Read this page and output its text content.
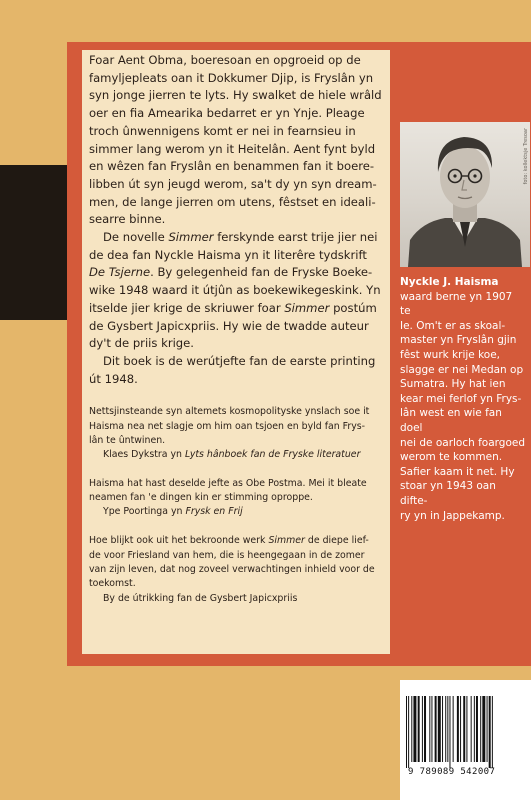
Foar Aent Obma, boeresoan en opgroeid op de
famyljepleats oan it Dokkumer Djip, is Fryslân yn
syn jonge jierren te lyts. Hy swalket de hiele wrâld
oer en fia Amearika bedarret er yn Ynje. Pleage
troch ûnwennigens komt er nei in fearnsieu in
simmer lang werom yn it Heitelân. Aent fynt byld
en wêzen fan Fryslân en benammen fan it boere-
libben út syn jeugd werom, sa't dy yn syn dream-
men, de lange jierren om utens, fêstset en ideali-
searre binne.

De novelle Simmer ferskynde earst trije jier nei
de dea fan Nyckle Haisma yn it literêre tydskrift
De Tsjerne. By gelegenheid fan de Fryske Boeke-
wike 1948 waard it útjûn as boekewikegeskink. Yn
itselde jier krige de skriuwer foar Simmer postúm
de Gysbert Japicxpriis. Hy wie de twadde auteur
dy't de priis krige.

Dit boek is de werútjefte fan de earste printing
út 1948.

Nettsjinsteande syn altemets kosmopolityske ynslach soe it
Haisma nea net slagje om him oan tsjoen en byld fan Frys-
lân te ûntwinen.

Klaes Dykstra yn Lyts hânboek fan de Fryske literatuer

Haisma hat hast deselde jefte as Obe Postma. Mei it bleate
neamen fan 'e dingen kin er stimming oproppe.

Ype Poortinga yn Frysk en Frij

Hoe blijkt ook uit het bekroonde werk Simmer de diepe lief-
de voor Friesland van hem, die is heengegaan in de zomer
van zijn leven, dat nog zoveel verwachtingen inhield voor de
toekomst.

By de útrikking fan de Gysbert Japicxpriis

foto: kollektsje Tresoar
Nyckle J. Haisma
waard berne yn 1907 te
Ie. Om't er as skoal-
master yn Fryslân gjin
fêst wurk krije koe,
slagge er nei Medan op
Sumatra. Hy hat ien
kear mei ferlof yn Frys-
lân west en wie fan doel
nei de oarloch foargoed
werom te kommen.
Safier kaam it net. Hy
stoar yn 1943 oan difte-
ry yn in Jappekamp.
9 789089 542007
